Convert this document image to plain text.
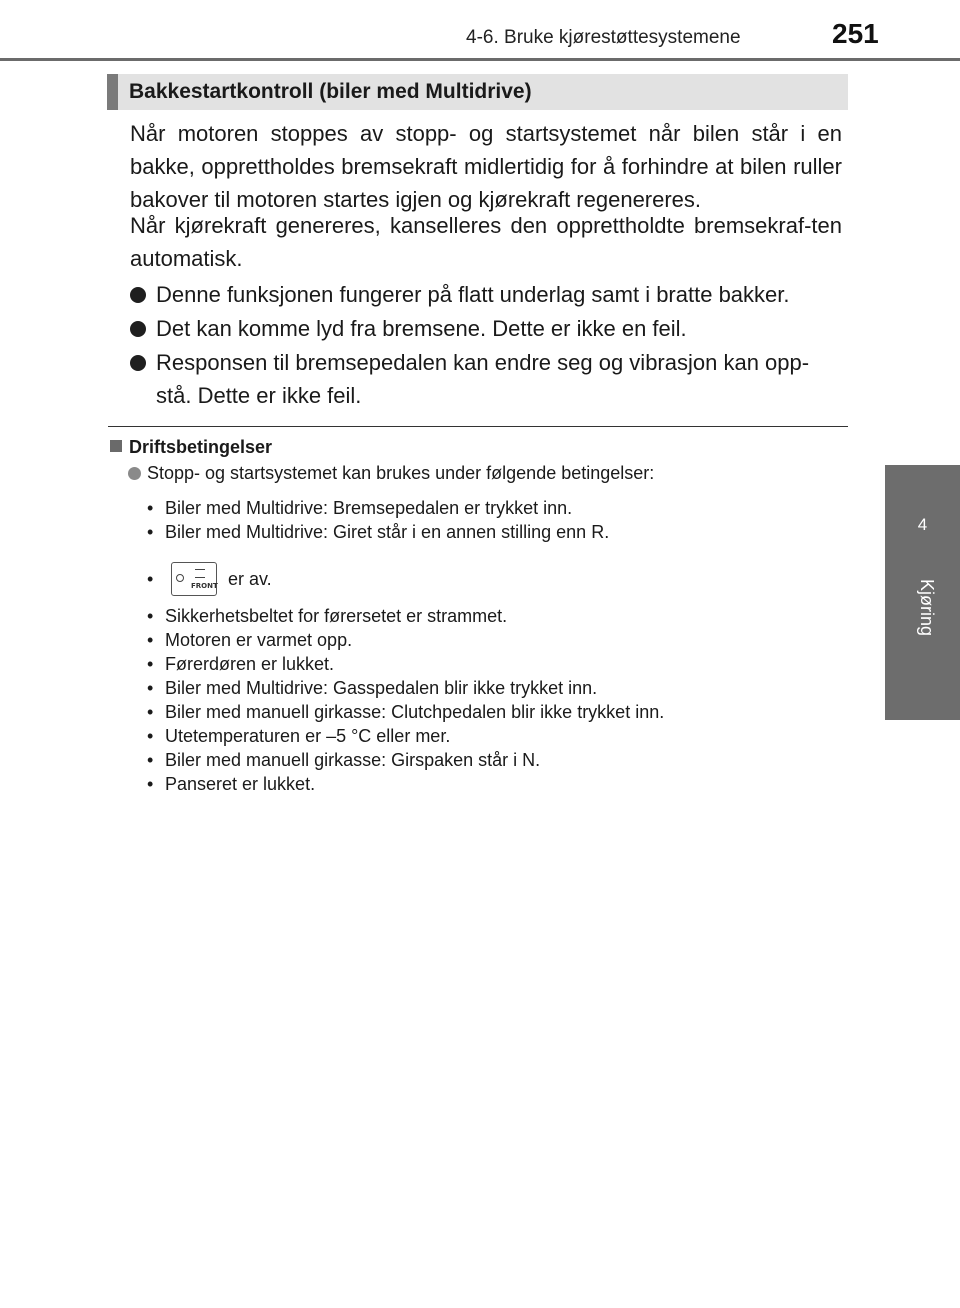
4-6. Bruke kjørestøttesystemene	251
4
Kjøring
Bakkestartkontroll (biler med Multidrive)
Når motoren stoppes av stopp- og startsystemet når bilen står i en bakke, opprettholdes bremsekraft midlertidig for å forhindre at bilen ruller bakover til motoren startes igjen og kjørekraft regenereres.
Når kjørekraft genereres, kanselleres den opprettholdte bremsekraf-ten automatisk.
Denne funksjonen fungerer på flatt underlag samt i bratte bakker.
Det kan komme lyd fra bremsene. Dette er ikke en feil.
Responsen til bremsepedalen kan endre seg og vibrasjon kan opp-stå. Dette er ikke feil.
Driftsbetingelser
Stopp- og startsystemet kan brukes under følgende betingelser:
• Biler med Multidrive: Bremsepedalen er trykket inn.
• Biler med Multidrive: Giret står i en annen stilling enn R.
•	FRONT er av.
• Sikkerhetsbeltet for førersetet er strammet.
• Motoren er varmet opp.
• Førerdøren er lukket.
• Biler med Multidrive: Gasspedalen blir ikke trykket inn.
• Biler med manuell girkasse: Clutchpedalen blir ikke trykket inn.
• Utetemperaturen er –5 °C eller mer.
• Biler med manuell girkasse: Girspaken står i N.
• Panseret er lukket.
